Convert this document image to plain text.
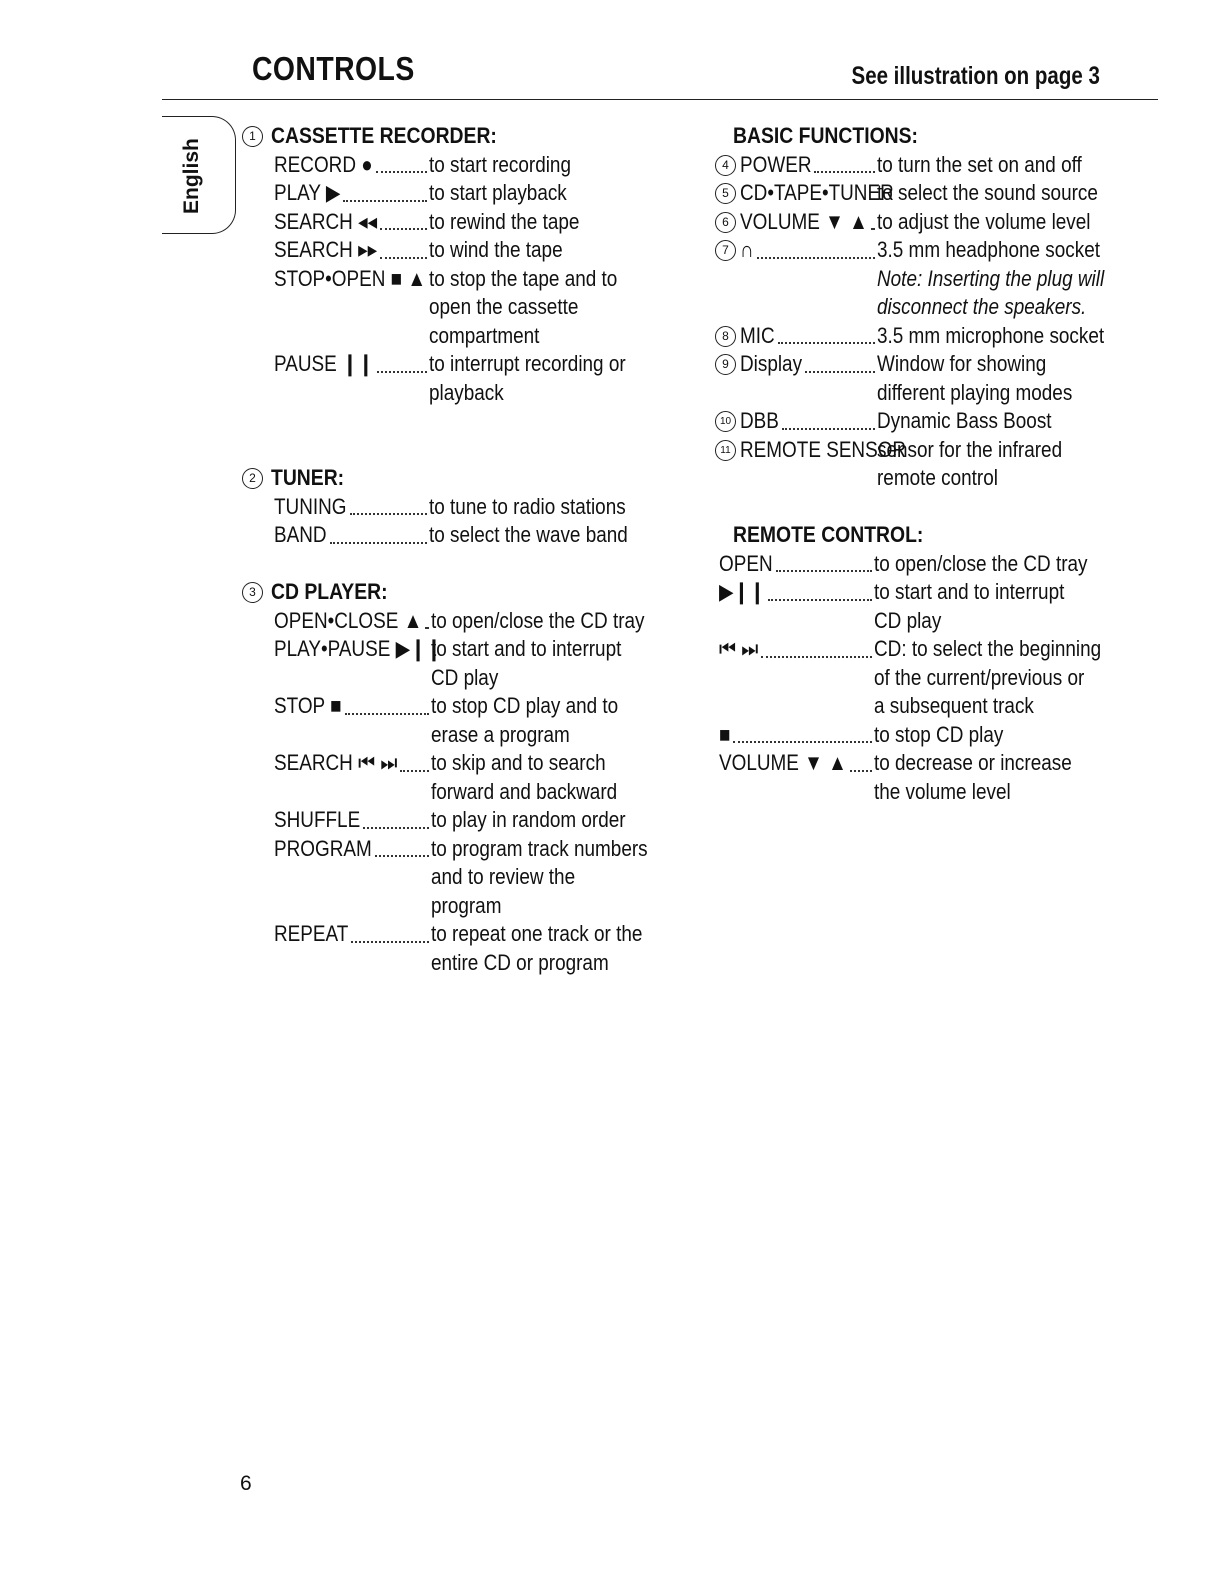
CONTROLS	See illustration on page 3
English
1 CASSETTE RECORDER:
RECORD ●	to start recording
PLAY ▶	to start playback
SEARCH ◂◂	to rewind the tape
SEARCH ▸▸	to wind the tape
STOP•OPEN ■ ▲ to stop the tape and to
open the cassette
compartment
PAUSE ❙❙	to interrupt recording or
playback
2 TUNER:
TUNING	to tune to radio stations
BAND	to select the wave band
3 CD PLAYER:
OPEN•CLOSE ▲ to open/close the CD tray
PLAY•PAUSE ▶❙❙
to start and to interrupt
CD play
STOP ■	to stop CD play and to
erase a program
SEARCH ⏮ ⏭	to skip and to search
forward and backward
SHUFFLE	to play in random order
PROGRAM	to program track numbers
and to review the
program
REPEAT	to repeat one track or the
entire CD or program
BASIC FUNCTIONS:
4 POWER	to turn the set on and off
5 CD•TAPE•TUNER
to select the sound source
6 VOLUME ▼ ▲ to adjust the volume level
7 ∩	3.5 mm headphone socket
Note: Inserting the plug will
disconnect the speakers.
8 MIC	3.5 mm microphone socket
9 Display	Window for showing
different playing modes
10 DBB	Dynamic Bass Boost
11 REMOTE SENSOR
sensor for the infrared
remote control
REMOTE CONTROL:
OPEN	to open/close the CD tray
▶❙❙	to start and to interrupt
CD play
⏮ ⏭	CD: to select the beginning
of the current/previous or
a subsequent track
■	to stop CD play
VOLUME ▼ ▲	to decrease or increase
the volume level
6
